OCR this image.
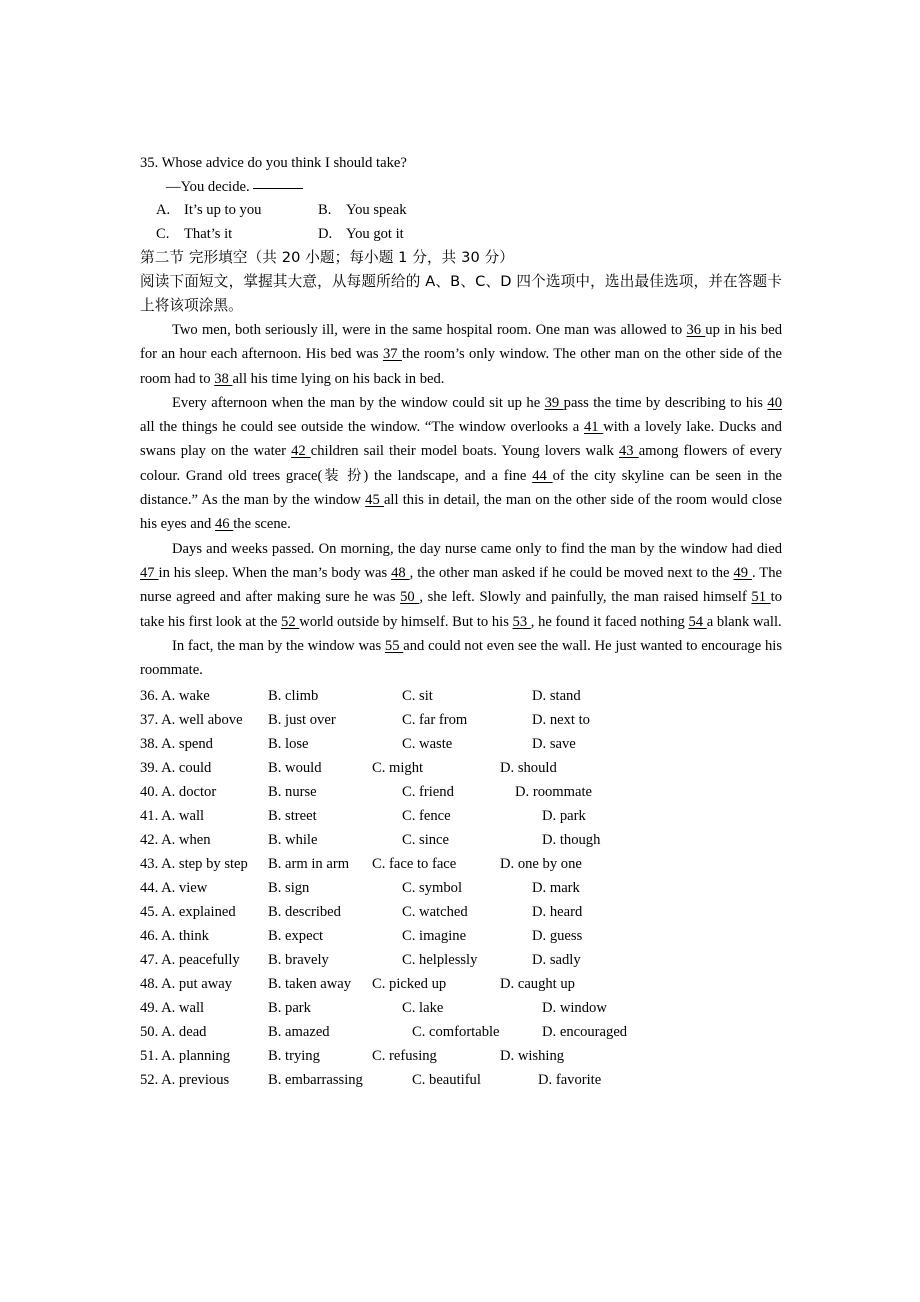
35. Whose advice do you think I should take?
—You decide.
A. It’s up to you	B. You speak
C. That’s it	D. You got it
第二节 完形填空（共 20 小题；每小题 1 分，共 30 分）
阅读下面短文，掌握其大意，从每题所给的 A、B、C、D 四个选项中，选出最佳选项，并在答题卡上将该项涂黑。

Two men, both seriously ill, were in the same hospital room. One man was allowed to 36 up in his bed for an hour each afternoon. His bed was 37 the room’s only window. The other man on the other side of the room had to 38 all his time lying on his back in bed.

Every afternoon when the man by the window could sit up he 39 pass the time by describing to his 40 all the things he could see outside the window. “The window overlooks a 41 with a lovely lake. Ducks and swans play on the water 42 children sail their model boats. Young lovers walk 43 among flowers of every colour. Grand old trees grace(装 扮) the landscape, and a fine 44 of the city skyline can be seen in the distance.” As the man by the window 45 all this in detail, the man on the other side of the room would close his eyes and 46 the scene.

Days and weeks passed. On morning, the day nurse came only to find the man by the window had died 47 in his sleep. When the man’s body was 48 , the other man asked if he could be moved next to the 49 . The nurse agreed and after making sure he was 50 , she left. Slowly and painfully, the man raised himself 51 to take his first look at the 52 world outside by himself. But to his 53 , he found it faced nothing 54 a blank wall.

In fact, the man by the window was 55 and could not even see the wall. He just wanted to encourage his roommate.

36. A. wake	B. climb	C. sit	D. stand
37. A. well above B. just over	C. far from	D. next to
38. A. spend	B. lose	C. waste	D. save
39. A. could	B. would	C. might	D. should
40. A. doctor	B. nurse	C. friend	D. roommate
41. A. wall	B. street	C. fence	D. park
42. A. when	B. while	C. since	D. though
43. A. step by step B. arm in arm C. face to face	D. one by one
44. A. view	B. sign	C. symbol	D. mark
45. A. explained B. described	C. watched	D. heard
46. A. think	B. expect	C. imagine	D. guess
47. A. peacefully B. bravely	C. helplessly	D. sadly
48. A. put away B. taken away C. picked up	D. caught up
49. A. wall	B. park	C. lake	D. window
50. A. dead	B. amazed	C. comfortable	D. encouraged
51. A. planning	B. trying	C. refusing	D. wishing
52. A. previous	B. embarrassing	C. beautiful	D. favorite
